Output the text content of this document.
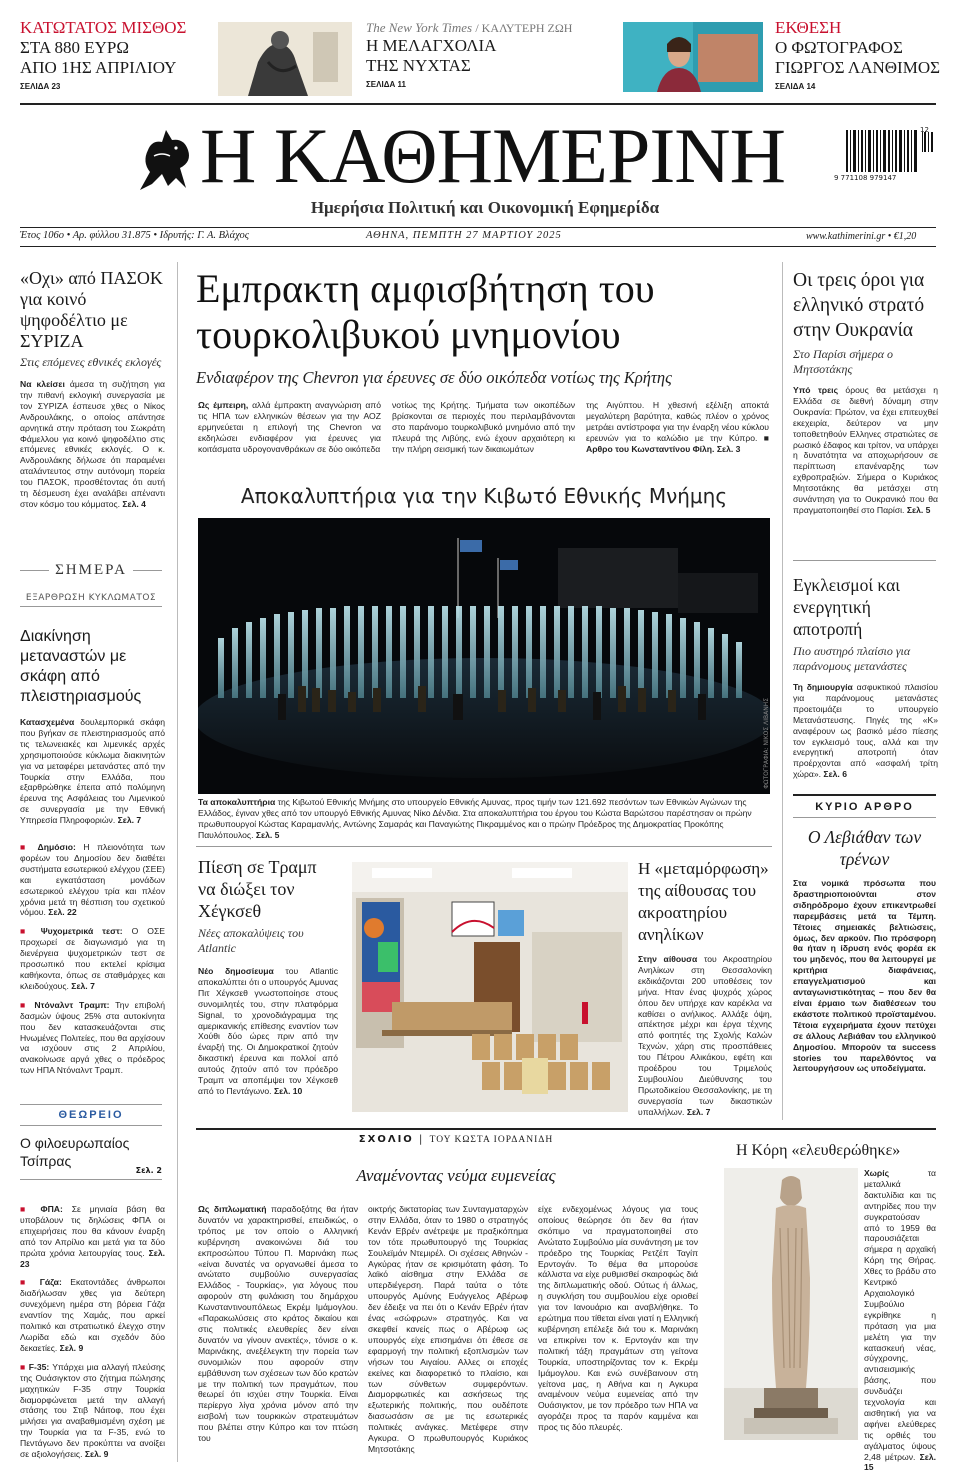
ΚΑΤΩΤΑΤΟΣ ΜΙΣΘΟΣ
ΣΤΑ 880 ΕΥΡΩ
ΑΠΟ 1ΗΣ ΑΠΡΙΛΙΟΥ
ΣΕΛΙΔΑ 23
The New York Times / ΚΑΛΥΤΕΡΗ ΖΩΗ
Η ΜΕΛΑΓΧΟΛΙΑ
ΤΗΣ ΝΥΧΤΑΣ
ΣΕΛΙΔΑ 11
ΕΚΘΕΣΗ
Ο ΦΩΤΟΓΡΑΦΟΣ
ΓΙΩΡΓΟΣ ΛΑΝΘΙΜΟΣ
ΣΕΛΙΔΑ 14
Η ΚΑΘΗΜΕΡΙΝΗ
Ημερήσια Πολιτική και Οικονομική Εφημερίδα
9 771108 979147
12
Έτος 106ο • Αρ. φύλλου 31.875 • Ιδρυτής: Γ. Α. Βλάχος	ΑΘΗΝΑ, ΠΕΜΠΤΗ 27 ΜΑΡΤΙΟΥ 2025	www.kathimerini.gr • €1,20
«Οχι» από ΠΑΣΟΚ για κοινό ψηφοδέλτιο με ΣΥΡΙΖΑ
Στις επόμενες εθνικές εκλογές
Να κλείσει άμεσα τη συζήτηση για την πιθανή εκλογική συνεργασία με τον ΣΥΡΙΖΑ έσπευσε χθες ο Νίκος Ανδρουλάκης, ο οποίος απάντησε αρνητικά στην πρόταση του Σωκράτη Φάμελλου για κοινό ψηφοδέλτιο στις επόμενες εθνικές εκλογές. Ο κ. Ανδρουλάκης δήλωσε ότι παραμένει αταλάντευτος στην αυτόνομη πορεία του ΠΑΣΟΚ, προσθέτοντας ότι αυτή τη δέσμευση έχει αναλάβει απέναντι στον κόσμο του κόμματος. Σελ. 4
ΣΗΜΕΡΑ
ΕΞΑΡΘΡΩΣΗ ΚΥΚΛΩΜΑΤΟΣ
Διακίνηση μεταναστών με σκάφη από πλειστηριασμούς
Κατασχεμένα δουλεμπορικά σκάφη που βγήκαν σε πλειστηριασμούς από τις τελωνειακές και λιμενικές αρχές χρησιμοποιούσε κύκλωμα διακινητών για να μεταφέρει μετανάστες από την Τουρκία στην Ελλάδα, που εξαρθρώθηκε έπειτα από πολύμηνη έρευνα της Ασφάλειας του Λιμενικού σε συνεργασία με την Εθνική Υπηρεσία Πληροφοριών. Σελ. 7
■ Δημόσιο: Η πλειονότητα των φορέων του Δημοσίου δεν διαθέτει συστήματα εσωτερικού ελέγχου (ΣΕΕ) και εγκατάσταση μονάδων εσωτερικού ελέγχου τρία και πλέον χρόνια μετά τη θέσπιση του σχετικού νόμου. Σελ. 22
■ Ψυχομετρικά τεστ: Ο ΟΣΕ προχωρεί σε διαγωνισμό για τη διενέργεια ψυχομετρικών τεστ σε προσωπικό που εκτελεί κρίσιμα καθήκοντα, όπως σε σταθμάρχες και κλειδούχους. Σελ. 7
■ Ντόναλντ Τραμπ: Την επιβολή δασμών ύψους 25% στα αυτοκίνητα που δεν κατασκευάζονται στις Ηνωμένες Πολιτείες, που θα αρχίσουν να ισχύουν στις 2 Απριλίου, ανακοίνωσε αργά χθες ο πρόεδρος των ΗΠΑ Ντόναλντ Τραμπ.
ΘΕΩΡΕΙΟ
Ο φιλοευρωπαίος Τσίπρας
Σελ. 2
■ ΦΠΑ: Σε μηνιαία βάση θα υποβάλουν τις δηλώσεις ΦΠΑ οι επιχειρήσεις που θα κάνουν έναρξη από τον Απρίλιο και μετά για τα δύο πρώτα χρόνια λειτουργίας τους. Σελ. 23
■ Γάζα: Εκατοντάδες άνθρωποι διαδήλωσαν χθες για δεύτερη συνεχόμενη ημέρα στη βόρεια Γάζα εναντίον της Χαμάς, που αρκεί πολιτικό και στρατιωτικό έλεγχο στην Λωρίδα εδώ και σχεδόν δύο δεκαετίες. Σελ. 9
■ F-35: Υπάρχει μια αλλαγή πλεύσης της Ουάσιγκτον στο ζήτημα πώλησης μαχητικών F-35 στην Τουρκία διαμορφώνεται μετά την αλλαγή στάσης του Στιβ Νάιτοφ, που έχει μιλήσει για αναβαθμισμένη σχέση με την Τουρκία για τα F-35, ενώ το Πεντάγωνο δεν προκύπτει να ανοίξει σε αξιολογήσεις. Σελ. 9
Εμπρακτη αμφισβήτηση του τουρκολιβυκού μνημονίου
Ενδιαφέρον της Chevron για έρευνες σε δύο οικόπεδα νοτίως της Κρήτης
Ως έμπειρη, αλλά έμπρακτη αναγνώριση από τις ΗΠΑ των ελληνικών θέσεων για την ΑΟΖ ερμηνεύεται η επιλογή της Chevron να εκδηλώσει ενδιαφέρον για έρευνες για κοιτάσματα υδρογονανθράκων σε δύο οικόπεδα
νοτίως της Κρήτης. Τμήματα των οικοπέδων βρίσκονται σε περιοχές που περιλαμβάνονται στο παράνομο τουρκολιβυκό μνημόνιο από την πλευρά της Λιβύης, ενώ έχουν αρχαιότερη κι την πλήρη σεισμική των δικαιωμάτων
της Αιγύπτου. Η χθεσινή εξέλιξη αποκτά μεγαλύτερη βαρύτητα, καθώς πλέον ο χρόνος μετράει αντίστροφα για την έναρξη νέου κύκλου ερευνών για το καλώδιο με την Κύπρο. ■ Αρθρο του Κωνσταντίνου Φίλη. Σελ. 3
Αποκαλυπτήρια για την Κιβωτό Εθνικής Μνήμης
ΦΩΤΟΓΡΑΦΙΑ: ΝΙΚΟΣ ΛΙΒΑΝΗΣ
Τα αποκαλυπτήρια της Κιβωτού Εθνικής Μνήμης στο υπουργείο Εθνικής Αμυνας, προς τιμήν των 121.692 πεσόντων των Εθνικών Αγώνων της Ελλάδος, έγιναν χθες από τον υπουργό Εθνικής Αμυνας Νίκο Δένδια. Στα αποκαλυπτήρια του έργου του Κώστα Βαρώτσου παρέστησαν οι πρώην πρωθυπουργοί Κώστας Καραμανλής, Αντώνης Σαμαράς και Παναγιώτης Πικραμμένος και ο πρώην Πρόεδρος της Δημοκρατίας Προκόπης Παυλόπουλος. Σελ. 5
Πίεση σε Τραμπ να διώξει τον Χέγκσεθ
Νέες αποκαλύψεις του Atlantic
Νέο δημοσίευμα του Atlantic αποκαλύπτει ότι ο υπουργός Αμυνας Πιτ Χέγκσεθ γνωστοποίησε στους συνομιλητές του, στην πλατφόρμα Signal, το χρονοδιάγραμμα της αμερικανικής επίθεσης εναντίον των Χούθι δύο ώρες πριν από την έναρξή της. Οι Δημοκρατικοί ζητούν δικαστική έρευνα και πολλοί από αυτούς ζητούν από τον πρόεδρο Τραμπ να αποπέμψει τον Χέγκσεθ από το Πεντάγωνο. Σελ. 10
Η «μεταμόρφωση» της αίθουσας του ακροατηρίου ανηλίκων
Στην αίθουσα του Ακροατηρίου Ανηλίκων στη Θεσσαλονίκη εκδικάζονται 200 υποθέσεις τον μήνα. Ηταν ένας ψυχρός χώρος όπου δεν υπήρχε καν καρέκλα να καθίσει ο ανήλικος. Αλλάξε όψη, απέκτησε μέχρι και έργα τέχνης από φοιτητές της Σχολής Καλών Τεχνών, χάρη στις προσπάθειες του Πέτρου Αλικάκου, εφέτη και προέδρου του Τριμελούς Συμβουλίου Διεύθυνσης του Πρωτοδικείου Θεσσαλονίκης, με τη συνεργασία των δικαστικών υπαλλήλων. Σελ. 7
ΣΧΟΛΙΟ | ΤΟΥ ΚΩΣΤΑ ΙΟΡΔΑΝΙΔΗ
Αναμένοντας νεύμα ευμενείας
Ως διπλωματική παραδοξότης θα ήταν δυνατόν να χαρακτηρισθεί, επειδικώς, ο τρόπος με τον οποίο ο Αλληνική κυβέρνηση ανακοινώνει διά του εκπροσώπου Τύπου Π. Μαρινάκη πως «είναι δυνατές να οργανωθεί άμεσα το ανώτατο συμβούλιο συνεργασίας Ελλάδος - Τουρκίας», για λόγους που αφορούν στη φυλάκιση του δημάρχου Κωνσταντινουπόλεως Εκρέμ Ιμάμογλου. «Παρακωλύσεις στο κράτος δικαίου και στις πολιτικές ελευθερίες δεν είναι δυνατόν να γίνουν ανεκτές», τόνισε ο κ. Μαρινάκης, ανεξέλεγκτη την πορεία των συνομιλιών που αφορούν στην εμβάθυνση των σχέσεων των δύο κρατών με την πολιτική των πραγμάτων, που θεωρεί ότι ισχύει στην Τουρκία. Είναι περίεργο λίγα χρόνια μόνον από την εισβολή των τουρκικών στρατευμάτων που βλέπει στην Κύπρο και τον πτώση του
οικτρής δικτατορίας των Συνταγματαρχών στην Ελλάδα, όταν το 1980 ο στρατηγός Κενάν Εβρέν ανέτρεψε με πραξικόπημα τον τότε πρωθυπουργό της Τουρκίας Σουλεϊμάν Ντεμιρέλ. Οι σχέσεις Αθηνών - Αγκύρας ήταν σε κρισιμότατη φάση. Το λαϊκό αίσθημα στην Ελλάδα σε υπερδιέγερση. Παρά ταύτα ο τότε υπουργός Αμύνης Ευάγγελος Αβέρωφ δεν έδειξε να πει ότι ο Κενάν Εβρέν ήταν ένας «σώφρων» στρατηγός. Και να σκεφθεί κανείς πως ο Αβέρωφ ως υπουργός είχε επισημάνει ότι έθεσε σε εφαρμογή την πολιτική εξοπλισμών των νήσων του Αιγαίου. Αλλες οι εποχές εκείνες και διαφορετικό το πλαίσιο, και των σύνθετων συμφερόντων. Διαμορφωτικές και ασκήσεως της εξωτερικής πολιτικής, που ουδέποτε διασωσάσιν σε με τις εσωτερικές πολιτικές ανάγκες. Μετέφερε στην Αγκυρα. Ο πρωθυπουργός Κυριάκος Μητσοτάκης
είχε ενδεχομένως λόγους για τους οποίους θεώρησε ότι δεν θα ήταν σκόπιμο να πραγματοποιηθεί στο Ανώτατο Συμβούλιο μία συνάντηση με τον πρόεδρο της Τουρκίας Ρετζέπ Ταγίπ Ερντογάν. Το θέμα θα μπορούσε κάλλιστα να είχε ρυθμισθεί σκαιροφώς διά της διπλωματικής οδού. Ούτως ή άλλως, η συγκλήση του συμβουλίου είχε οριοθεί για τον Ιανουάριο και αναβλήθηκε. Το ερώτημα που τίθεται είναι γιατί η Ελληνική κυβέρνηση επέλεξε διά του κ. Μαρινάκη να επικρίνει τον κ. Ερντογάν και την πολιτική τάξη πραγμάτων στη γείτονα Τουρκία, υποστηρίζοντας τον κ. Εκρέμ Ιμάμογλου. Και ενώ συνέβαινουν στη γείτονα μας, η Αθήνα και η Αγκυρα αναμένουν νεύμα ευμενείας από την Ουάσιγκτον, με τον πρόεδρο των ΗΠΑ να αγοράζει προς τα παρόν καμμένα και προς τις δύο πλευρές.
Οι τρεις όροι για ελληνικό στρατό στην Ουκρανία
Στο Παρίσι σήμερα ο Μητσοτάκης
Υπό τρεις όρους θα μετάσχει η Ελλάδα σε διεθνή δύναμη στην Ουκρανία: Πρώτον, να έχει επιτευχθεί εκεχειρία, δεύτερον να μην τοποθετηθούν Ελληνες στρατιώτες σε ρωσικό έδαφος και τρίτον, να υπάρχει η δυνατότητα να αποχωρήσουν σε περίπτωση επανέναρξης των εχθροπραξιών. Σήμερα ο Κυριάκος Μητσοτάκης θα μετάσχει στη συνάντηση για το Ουκρανικό που θα πραγματοποιηθεί στο Παρίσι. Σελ. 5
Εγκλεισμοί και ενεργητική αποτροπή
Πιο αυστηρό πλαίσιο για παράνομους μετανάστες
Τη δημιουργία ασφυκτικού πλαισίου για παράνομους μετανάστες προετοιμάζει το υπουργείο Μετανάστευσης. Πηγές της «Κ» αναφέρουν ως βασικό μέσο πίεσης τον εγκλεισμό τους, αλλά και την ενεργητική αποτροπή όταν προέρχονται από «ασφαλή τρίτη χώρα». Σελ. 6
ΚΥΡΙΟ ΑΡΘΡΟ
Ο Λεβιάθαν των τρένων
Στα νομικά πρόσωπα που δραστηριοποιούνται στον σιδηρόδρομο έχουν επικεντρωθεί παρεμβάσεις μετά τα Τέμπη. Τέτοιες σημειακές βελτιώσεις, όμως, δεν αρκούν. Πιο πρόσφορη θα ήταν η ίδρυση ενός φορέα εκ του μηδενός, που θα λειτουργεί με κριτήρια διαφάνειας, επαγγελματισμού και ανταγωνιστικότητας – που δεν θα είναι έρμαιο των διαθέσεων του εκάστοτε πολιτικού προϊσταμένου. Τέτοια εγχειρήματα έχουν πετύχει σε άλλους Λεβιάθαν του ελληνικού Δημοσίου. Μπορούν τα success stories του παρελθόντος να λειτουργήσουν ως υποδείγματα.
Η Κόρη «ελευθερώθηκε»
Χωρίς τα μεταλλικά δακτυλίδια και τις αντηρίδες που την συγκρατούσαν από το 1959 θα παρουσιάζεται σήμερα η αρχαϊκή Κόρη της Θήρας. Χθες το βράδυ στο Κεντρικό Αρχαιολογικό Συμβούλιο εγκρίθηκε η πρόταση για μια μελέτη για την κατασκευή νέας, σύγχρονης, αντισεισμικής βάσης, που συνδυάζει τεχνολογία και αισθητική για να αφήνει ελεύθερες τις ορθιές του αγάλματος ύψους 2,48 μέτρων. Σελ. 15
